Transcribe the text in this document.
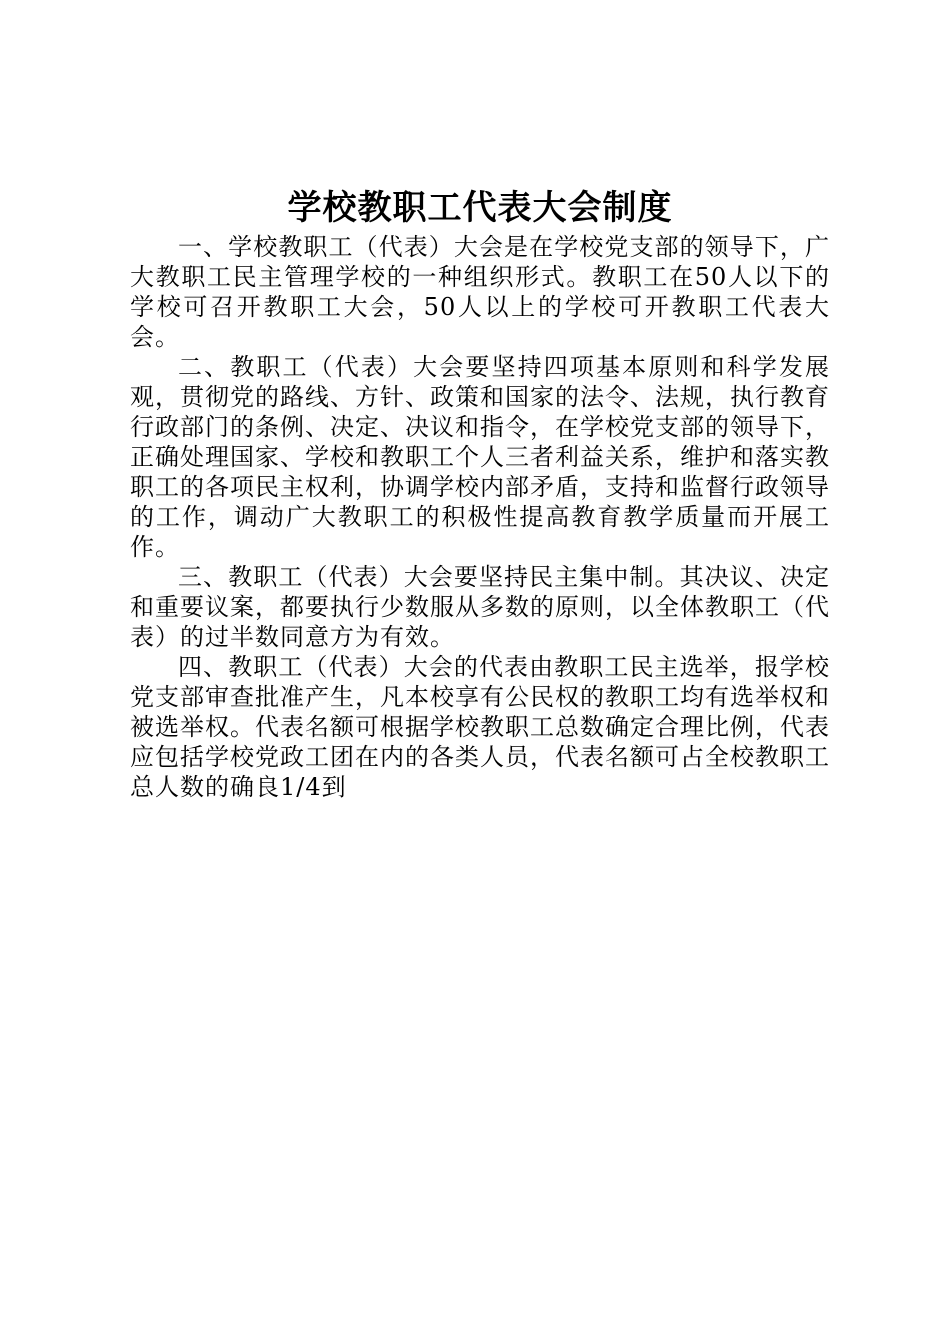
学校教职工代表大会制度

一、学校教职工（代表）大会是在学校党支部的领导下，广大教职工民主管理学校的一种组织形式。教职工在50人以下的学校可召开教职工大会，50人以上的学校可开教职工代表大会。

二、教职工（代表）大会要坚持四项基本原则和科学发展观，贯彻党的路线、方针、政策和国家的法令、法规，执行教育行政部门的条例、决定、决议和指令，在学校党支部的领导下，正确处理国家、学校和教职工个人三者利益关系，维护和落实教职工的各项民主权利，协调学校内部矛盾，支持和监督行政领导的工作，调动广大教职工的积极性提高教育教学质量而开展工作。

三、教职工（代表）大会要坚持民主集中制。其决议、决定和重要议案，都要执行少数服从多数的原则，以全体教职工（代表）的过半数同意方为有效。

四、教职工（代表）大会的代表由教职工民主选举，报学校党支部审查批准产生，凡本校享有公民权的教职工均有选举权和被选举权。代表名额可根据学校教职工总数确定合理比例，代表应包括学校党政工团在内的各类人员，代表名额可占全校教职工总人数的确良1/4到
